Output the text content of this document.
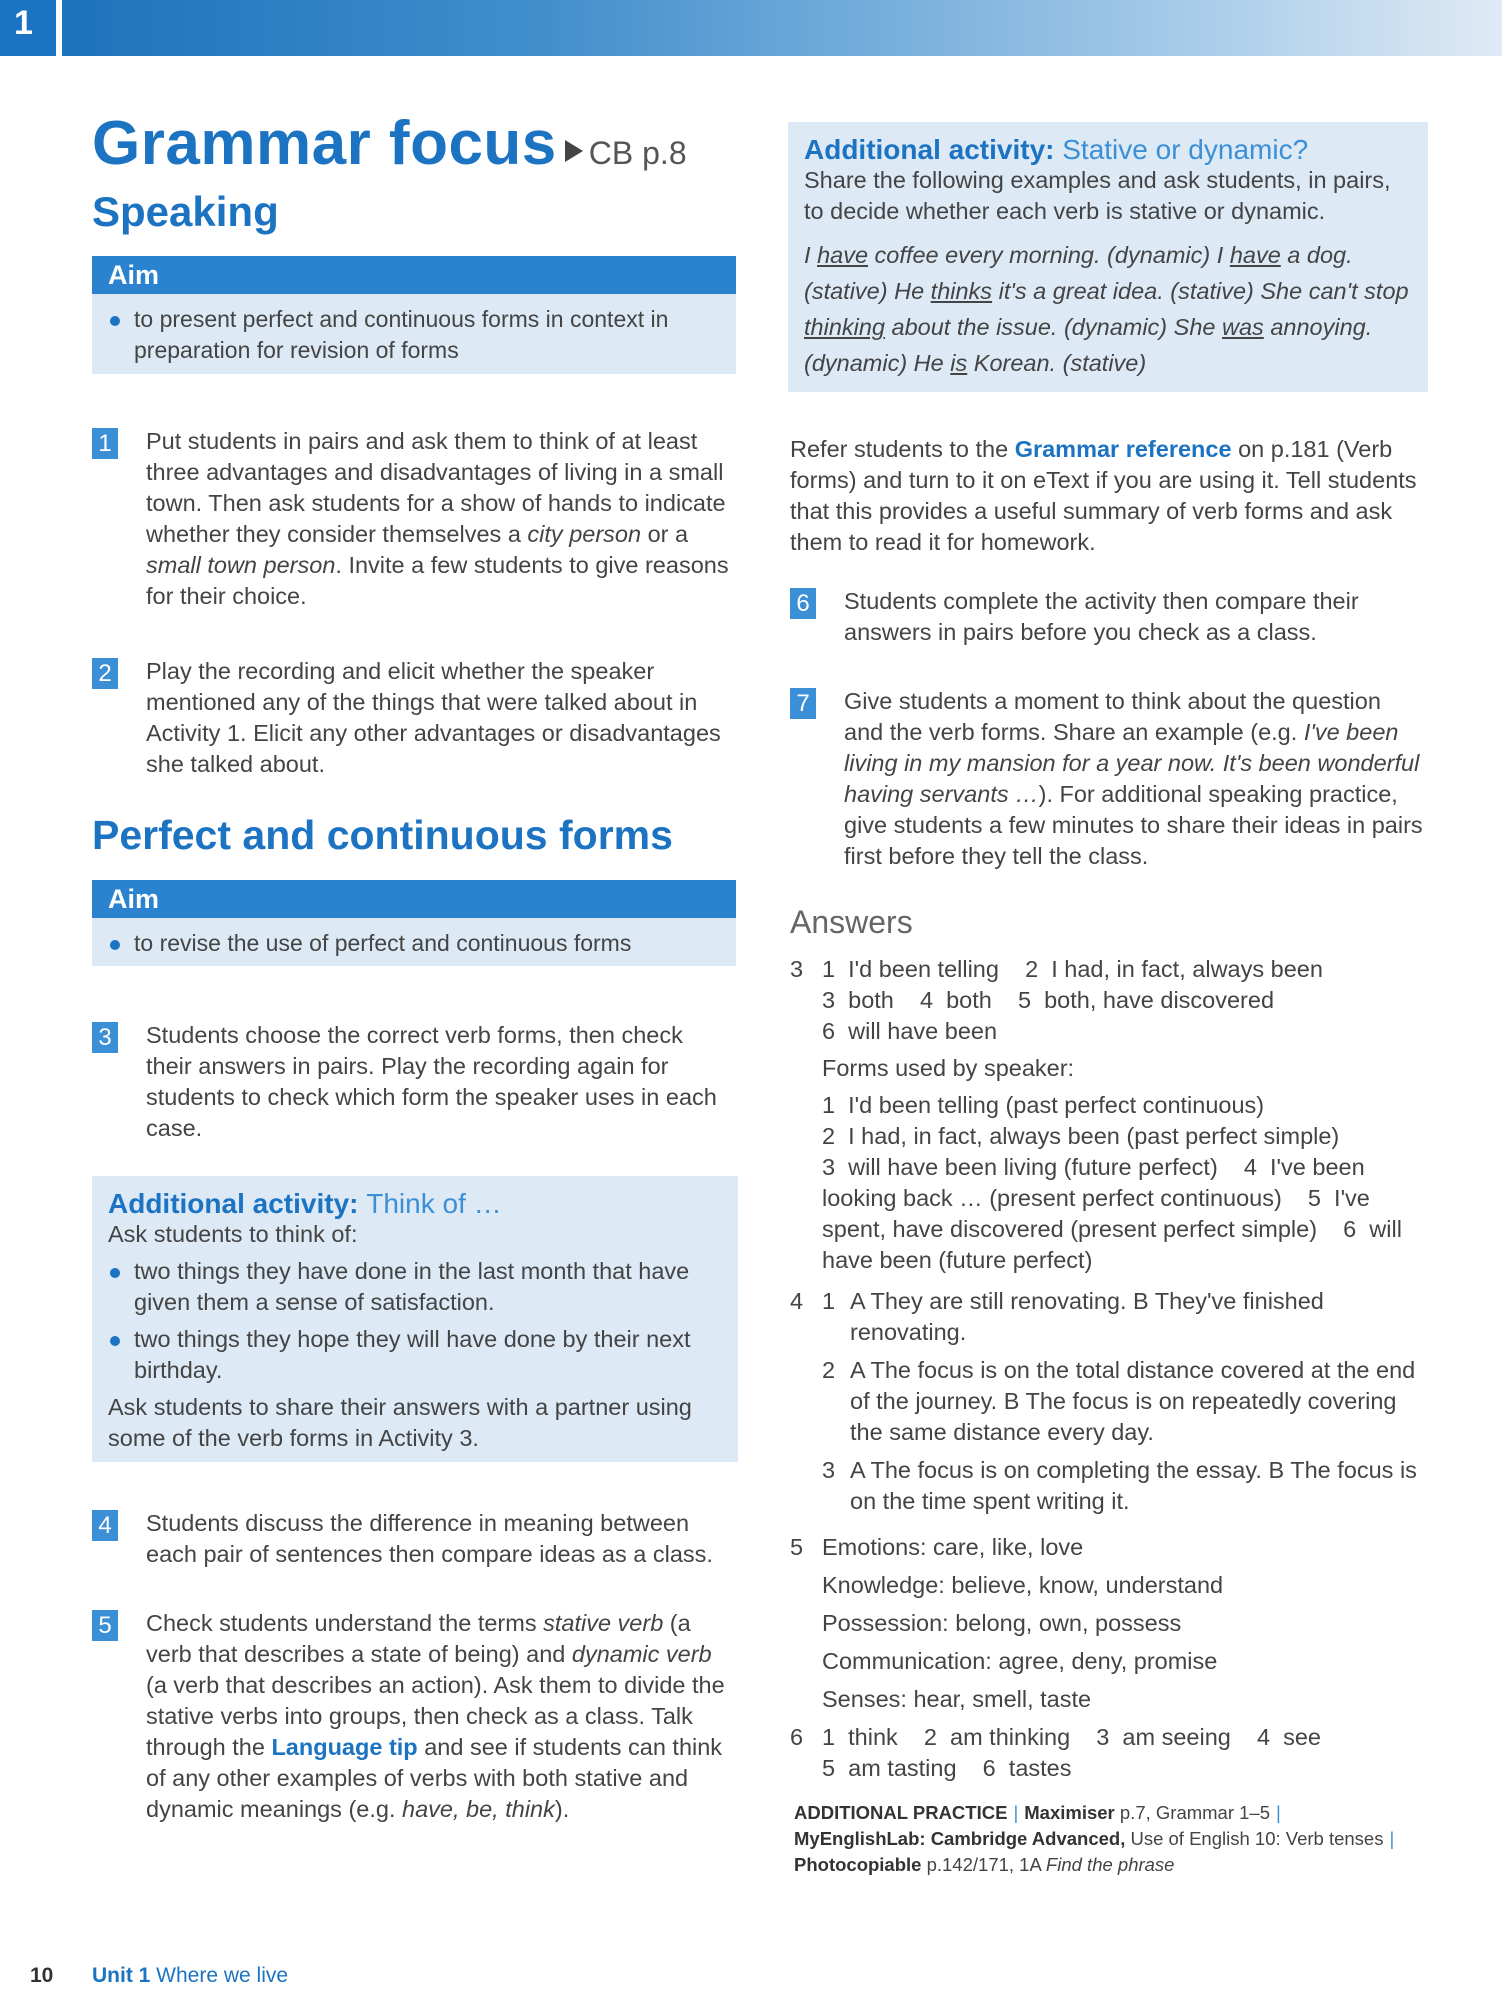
1
Grammar focus CB p.8
Speaking
Aim
to present perfect and continuous forms in context in preparation for revision of forms
1 Put students in pairs and ask them to think of at least three advantages and disadvantages of living in a small town. Then ask students for a show of hands to indicate whether they consider themselves a city person or a small town person. Invite a few students to give reasons for their choice.
2 Play the recording and elicit whether the speaker mentioned any of the things that were talked about in Activity 1. Elicit any other advantages or disadvantages she talked about.
Perfect and continuous forms
Aim
to revise the use of perfect and continuous forms
3 Students choose the correct verb forms, then check their answers in pairs. Play the recording again for students to check which form the speaker uses in each case.
Additional activity: Think of …
Ask students to think of:
two things they have done in the last month that have given them a sense of satisfaction.
two things they hope they will have done by their next birthday.
Ask students to share their answers with a partner using some of the verb forms in Activity 3.
4 Students discuss the difference in meaning between each pair of sentences then compare ideas as a class.
5 Check students understand the terms stative verb (a verb that describes a state of being) and dynamic verb (a verb that describes an action). Ask them to divide the stative verbs into groups, then check as a class. Talk through the Language tip and see if students can think of any other examples of verbs with both stative and dynamic meanings (e.g. have, be, think).
Additional activity: Stative or dynamic?
Share the following examples and ask students, in pairs, to decide whether each verb is stative or dynamic.
I have coffee every morning. (dynamic) I have a dog. (stative) He thinks it's a great idea. (stative) She can't stop thinking about the issue. (dynamic) She was annoying. (dynamic) He is Korean. (stative)
Refer students to the Grammar reference on p.181 (Verb forms) and turn to it on eText if you are using it. Tell students that this provides a useful summary of verb forms and ask them to read it for homework.
6 Students complete the activity then compare their answers in pairs before you check as a class.
7 Give students a moment to think about the question and the verb forms. Share an example (e.g. I've been living in my mansion for a year now. It's been wonderful having servants …). For additional speaking practice, give students a few minutes to share their ideas in pairs first before they tell the class.
Answers
3 1  I'd been telling    2  I had, in fact, always been
3  both    4  both    5  both, have discovered
6  will have been
Forms used by speaker:
1  I'd been telling (past perfect continuous)
2  I had, in fact, always been (past perfect simple)
3  will have been living (future perfect)    4  I've been looking back … (present perfect continuous)    5  I've spent, have discovered (present perfect simple)    6  will have been (future perfect)
4 1 A They are still renovating. B They've finished renovating.
2 A The focus is on the total distance covered at the end of the journey. B The focus is on repeatedly covering the same distance every day.
3 A The focus is on completing the essay. B The focus is on the time spent writing it.
5 Emotions: care, like, love
Knowledge: believe, know, understand
Possession: belong, own, possess
Communication: agree, deny, promise
Senses: hear, smell, taste
6 1  think    2  am thinking    3  am seeing    4  see
5  am tasting    6  tastes
ADDITIONAL PRACTICE | Maximiser p.7, Grammar 1–5 |
MyEnglishLab: Cambridge Advanced, Use of English 10: Verb tenses |
Photocopiable p.142/171, 1A Find the phrase
10 Unit 1 Where we live
